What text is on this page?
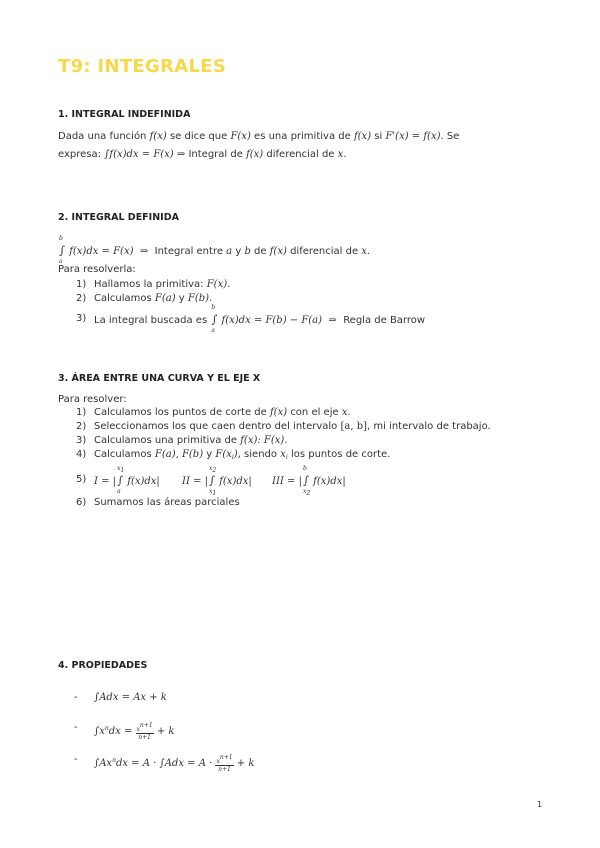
T9: INTEGRALES
1. INTEGRAL INDEFINIDA
Dada una función f(x) se dice que F(x) es una primitiva de f(x) si F'(x) = f(x). Se
expresa: ∫f(x)dx = F(x) ⇒ Integral de f(x) diferencial de x.
2. INTEGRAL DEFINIDA
b
∫
a
f(x)dx = F(x)  ⇒  Integral entre a y b de f(x) diferencial de x.
Para resolverla:
1) Hallamos la primitiva: F(x).
2) Calculamos F(a) y F(b).
3) La integral buscada es
b
∫
a
f(x)dx = F(b) − F(a) ⇒ Regla de Barrow
3. ÁREA ENTRE UNA CURVA Y EL EJE X
Para resolver:
1) Calculamos los puntos de corte de f(x) con el eje x.
2) Seleccionamos los que caen dentro del intervalo [a, b], mi intervalo de trabajo.
3) Calculamos una primitiva de f(x): F(x).
4) Calculamos F(a), F(b) y $F(x_i)$, siendo $x_i$ los puntos de corte.
5) I = |
$x_1$
∫
a
f(x)dx| II = |
$x_2$
∫
$x_1$
f(x)dx| III = |
b
∫
$x_2$
f(x)dx|
6) Sumamos las áreas parciales
4. PROPIEDADES
- ∫Adx = Ax + k
- $\int x^ndx = \frac{x^{n+1}}{n+1} + k$
- $\int Ax^ndx = A \cdot \int Adx = A \cdot \frac{x^{n+1}}{n+1} + k$
1
